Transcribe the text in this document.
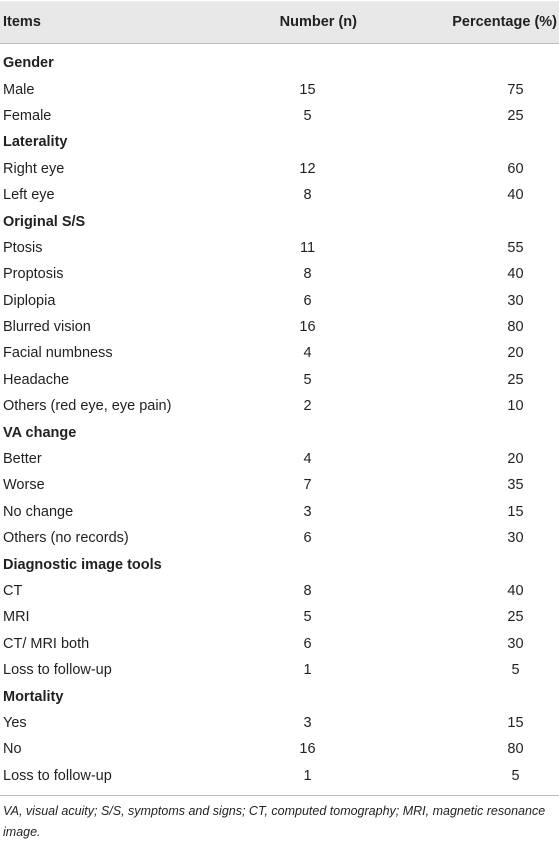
Items	Number (n)	Percentage (%)
Gender		
Male	15	75
Female	5	25
Laterality		
Right eye	12	60
Left eye	8	40
Original S/S		
Ptosis	11	55
Proptosis	8	40
Diplopia	6	30
Blurred vision	16	80
Facial numbness	4	20
Headache	5	25
Others (red eye, eye pain)	2	10
VA change		
Better	4	20
Worse	7	35
No change	3	15
Others (no records)	6	30
Diagnostic image tools		
CT	8	40
MRI	5	25
CT/ MRI both	6	30
Loss to follow-up	1	5
Mortality		
Yes	3	15
No	16	80
Loss to follow-up	1	5
VA, visual acuity; S/S, symptoms and signs; CT, computed tomography; MRI, magnetic resonance image.
